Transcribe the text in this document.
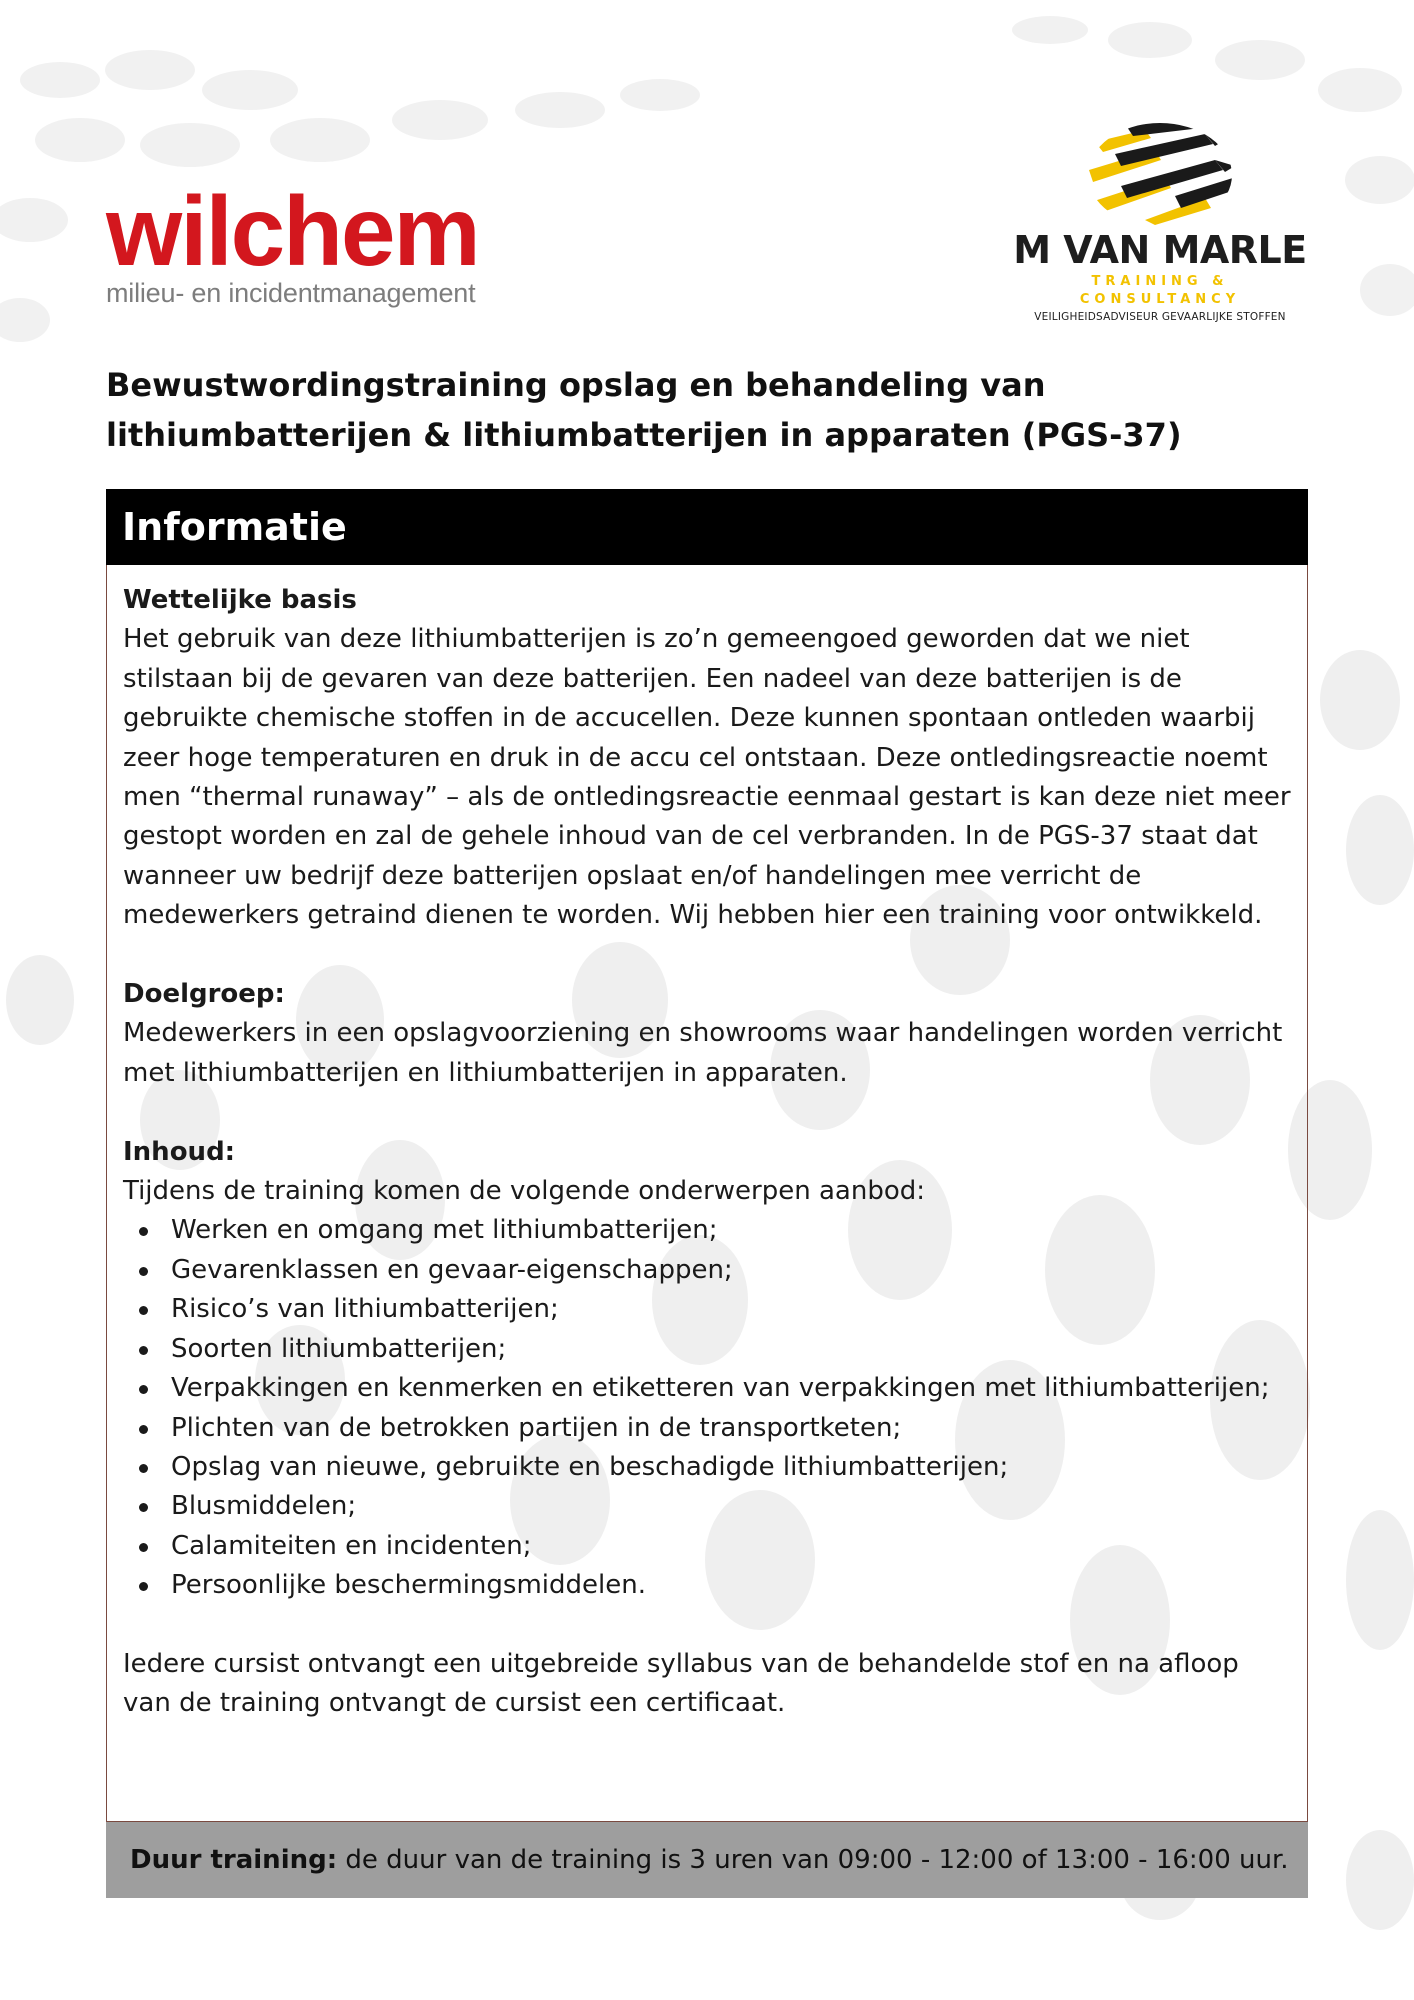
wilchem
milieu- en incidentmanagement
M VAN MARLE
TRAINING & CONSULTANCY
VEILIGHEIDSADVISEUR GEVAARLIJKE STOFFEN
Bewustwordingstraining opslag en behandeling van
lithiumbatterijen & lithiumbatterijen in apparaten (PGS-37)
Informatie

Wettelijke basis

Het gebruik van deze lithiumbatterijen is zo’n gemeengoed geworden dat we niet stilstaan bij de gevaren van deze batterijen. Een nadeel van deze batterijen is de gebruikte chemische stoffen in de accucellen. Deze kunnen spontaan ontleden waarbij zeer hoge temperaturen en druk in de accu cel ontstaan. Deze ontledingsreactie noemt men “thermal runaway” – als de ontledingsreactie eenmaal gestart is kan deze niet meer gestopt worden en zal de gehele inhoud van de cel verbranden. In de PGS-37 staat dat wanneer uw bedrijf deze batterijen opslaat en/of handelingen mee verricht de medewerkers getraind dienen te worden. Wij hebben hier een training voor ontwikkeld.

Doelgroep:

Medewerkers in een opslagvoorziening en showrooms waar handelingen worden verricht met lithiumbatterijen en lithiumbatterijen in apparaten.

Inhoud:

Tijdens de training komen de volgende onderwerpen aanbod:

Werken en omgang met lithiumbatterijen;
Gevarenklassen en gevaar-eigenschappen;
Risico’s van lithiumbatterijen;
Soorten lithiumbatterijen;
Verpakkingen en kenmerken en etiketteren van verpakkingen met lithiumbatterijen;
Plichten van de betrokken partijen in de transportketen;
Opslag van nieuwe, gebruikte en beschadigde lithiumbatterijen;
Blusmiddelen;
Calamiteiten en incidenten;
Persoonlijke beschermingsmiddelen.

Iedere cursist ontvangt een uitgebreide syllabus van de behandelde stof en na afloop van de training ontvangt de cursist een certificaat.

Duur training: de duur van de training is 3 uren van 09:00 - 12:00 of 13:00 - 16:00 uur.
